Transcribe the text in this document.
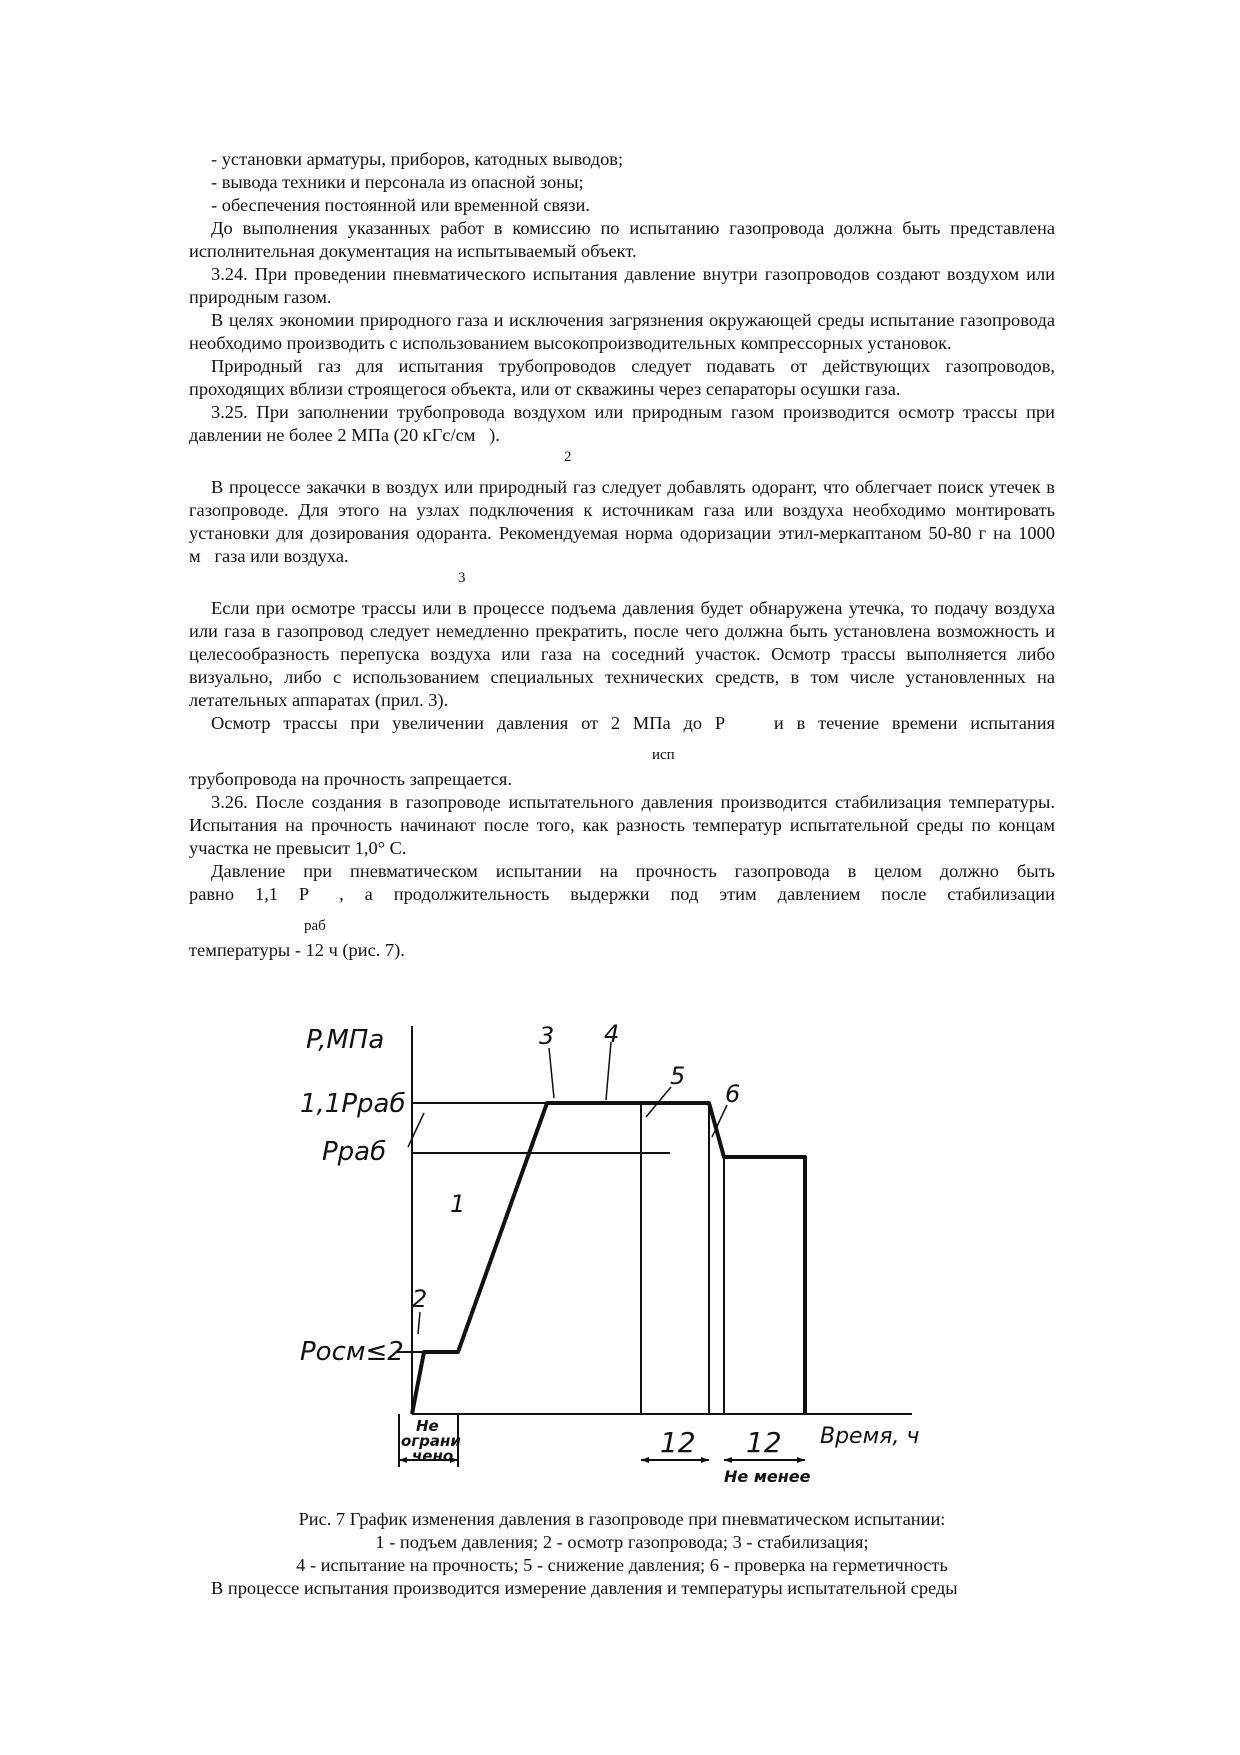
- установки арматуры, приборов, катодных выводов;

- вывода техники и персонала из опасной зоны;

- обеспечения постоянной или временной связи.

До выполнения указанных работ в комиссию по испытанию газопровода должна быть представлена исполнительная документация на испытываемый объект.

3.24. При проведении пневматического испытания давление внутри газопроводов создают воздухом или природным газом.

В целях экономии природного газа и исключения загрязнения окружающей среды испытание газопровода необходимо производить с использованием высокопроизводительных компрессорных установок.

Природный газ для испытания трубопроводов следует подавать от действующих газопроводов, проходящих вблизи строящегося объекта, или от скважины через сепараторы осушки газа.

3.25. При заполнении трубопровода воздухом или природным газом производится осмотр трассы при давлении не более 2 МПа (20 кГс/см ).

2

В процессе закачки в воздух или природный газ следует добавлять одорант, что облегчает поиск утечек в газопроводе. Для этого на узлах подключения к источникам газа или воздуха необходимо монтировать установки для дозирования одоранта. Рекомендуемая норма одоризации этил-меркаптаном 50-80 г на 1000 м газа или воздуха.

3

Если при осмотре трассы или в процессе подъема давления будет обнаружена утечка, то подачу воздуха или газа в газопровод следует немедленно прекратить, после чего должна быть установлена возможность и целесообразность перепуска воздуха или газа на соседний участок. Осмотр трассы выполняется либо визуально, либо с использованием специальных технических средств, в том числе установленных на летательных аппаратах (прил. 3).

Осмотр трассы при увеличении давления от 2 МПа до Р	и в течение времени испытания

исп

трубопровода на прочность запрещается.

3.26. После создания в газопроводе испытательного давления производится стабилизация температуры. Испытания на прочность начинают после того, как разность температур испытательной среды по концам участка не превысит 1,0° С.

Давление при пневматическом испытании на прочность газопровода в целом должно быть

равно 1,1 Р , а продолжительность выдержки под этим давлением после стабилизации

раб

температуры - 12 ч (рис. 7).

P,МПа
1,1Pраб
Pраб
Pосм≤2
Время, ч
1
2
3 4
5
6
Не
ограни
чено	12 12
Не менее

Рис. 7 График изменения давления в газопроводе при пневматическом испытании:

1 - подъем давления; 2 - осмотр газопровода; 3 - стабилизация;

4 - испытание на прочность; 5 - снижение давления; 6 - проверка на герметичность

В процессе испытания производится измерение давления и температуры испытательной среды
